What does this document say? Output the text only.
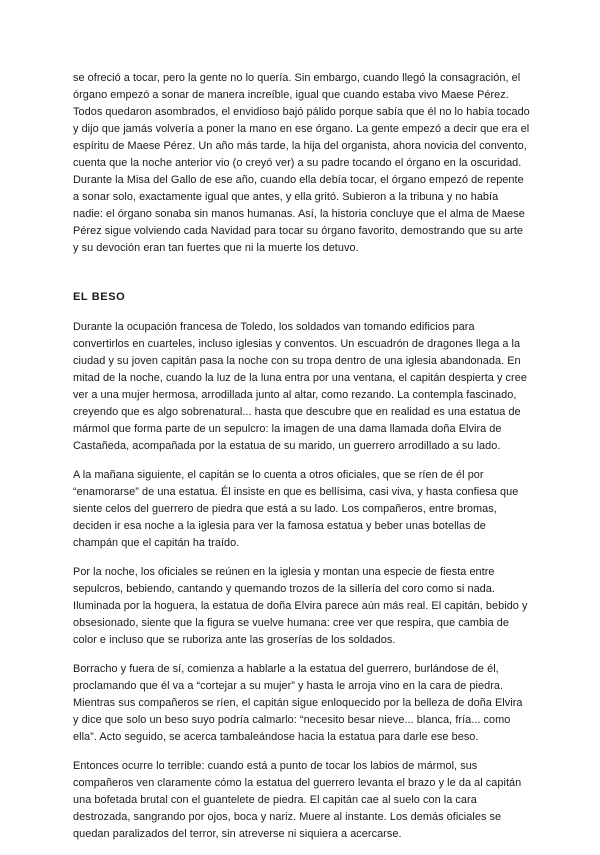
se ofreció a tocar, pero la gente no lo quería. Sin embargo, cuando llegó la consagración, el órgano empezó a sonar de manera increíble, igual que cuando estaba vivo Maese Pérez. Todos quedaron asombrados, el envidioso bajó pálido porque sabía que él no lo había tocado y dijo que jamás volvería a poner la mano en ese órgano. La gente empezó a decir que era el espíritu de Maese Pérez. Un año más tarde, la hija del organista, ahora novicia del convento, cuenta que la noche anterior vio (o creyó ver) a su padre tocando el órgano en la oscuridad. Durante la Misa del Gallo de ese año, cuando ella debía tocar, el órgano empezó de repente a sonar solo, exactamente igual que antes, y ella gritó. Subieron a la tribuna y no había nadie: el órgano sonaba sin manos humanas. Así, la historia concluye que el alma de Maese Pérez sigue volviendo cada Navidad para tocar su órgano favorito, demostrando que su arte y su devoción eran tan fuertes que ni la muerte los detuvo.

EL BESO

Durante la ocupación francesa de Toledo, los soldados van tomando edificios para convertirlos en cuarteles, incluso iglesias y conventos. Un escuadrón de dragones llega a la ciudad y su joven capitán pasa la noche con su tropa dentro de una iglesia abandonada. En mitad de la noche, cuando la luz de la luna entra por una ventana, el capitán despierta y cree ver a una mujer hermosa, arrodillada junto al altar, como rezando. La contempla fascinado, creyendo que es algo sobrenatural... hasta que descubre que en realidad es una estatua de mármol que forma parte de un sepulcro: la imagen de una dama llamada doña Elvira de Castañeda, acompañada por la estatua de su marido, un guerrero arrodillado a su lado.

A la mañana siguiente, el capitán se lo cuenta a otros oficiales, que se ríen de él por “enamorarse” de una estatua. Él insiste en que es bellísima, casi viva, y hasta confiesa que siente celos del guerrero de piedra que está a su lado. Los compañeros, entre bromas, deciden ir esa noche a la iglesia para ver la famosa estatua y beber unas botellas de champán que el capitán ha traído.

Por la noche, los oficiales se reúnen en la iglesia y montan una especie de fiesta entre sepulcros, bebiendo, cantando y quemando trozos de la sillería del coro como si nada. Iluminada por la hoguera, la estatua de doña Elvira parece aún más real. El capitán, bebido y obsesionado, siente que la figura se vuelve humana: cree ver que respira, que cambia de color e incluso que se ruboriza ante las groserías de los soldados.

Borracho y fuera de sí, comienza a hablarle a la estatua del guerrero, burlándose de él, proclamando que él va a “cortejar a su mujer” y hasta le arroja vino en la cara de piedra. Mientras sus compañeros se ríen, el capitán sigue enloquecido por la belleza de doña Elvira y dice que solo un beso suyo podría calmarlo: “necesito besar nieve... blanca, fría... como ella”. Acto seguido, se acerca tambaleándose hacia la estatua para darle ese beso.

Entonces ocurre lo terrible: cuando está a punto de tocar los labios de mármol, sus compañeros ven claramente cómo la estatua del guerrero levanta el brazo y le da al capitán una bofetada brutal con el guantelete de piedra. El capitán cae al suelo con la cara destrozada, sangrando por ojos, boca y nariz. Muere al instante. Los demás oficiales se quedan paralizados del terror, sin atreverse ni siquiera a acercarse.
